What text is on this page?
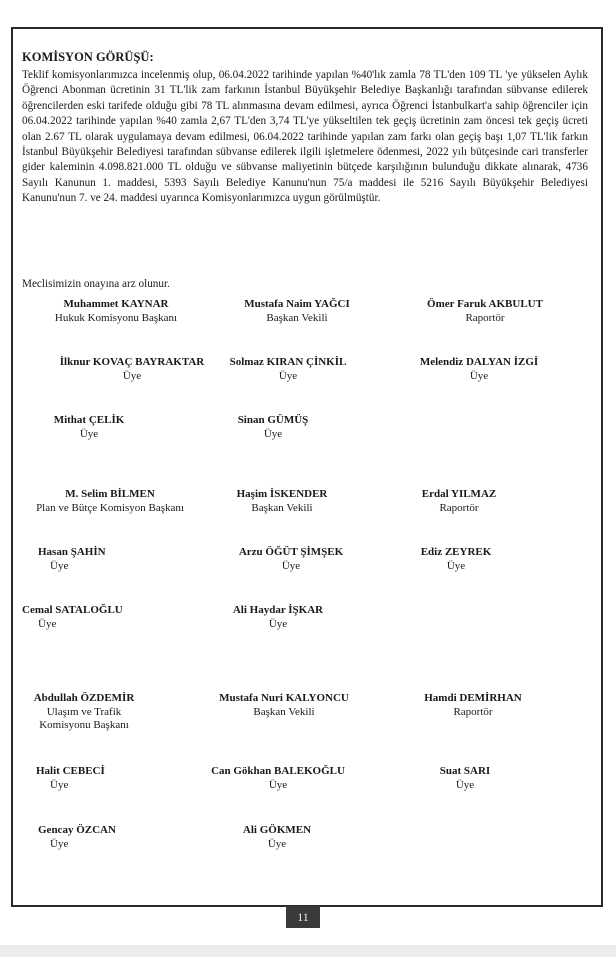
KOMİSYON GÖRÜŞÜ:
Teklif komisyonlarımızca incelenmiş olup, 06.04.2022 tarihinde yapılan %40'lık zamla 78 TL'den 109 TL 'ye yükselen Aylık Öğrenci Abonman ücretinin 31 TL'lik zam farkının İstanbul Büyükşehir Belediye Başkanlığı tarafından sübvanse edilerek öğrencilerden eski tarifede olduğu gibi 78 TL alınmasına devam edilmesi, ayrıca Öğrenci İstanbulkart'a sahip öğrenciler için 06.04.2022 tarihinde yapılan %40 zamla 2,67 TL'den 3,74 TL'ye yükseltilen tek geçiş ücretinin zam öncesi tek geçiş ücreti olan 2.67 TL olarak uygulamaya devam edilmesi, 06.04.2022 tarihinde yapılan zam farkı olan geçiş başı 1,07 TL'lik farkın İstanbul Büyükşehir Belediyesi tarafından sübvanse edilerek ilgili işletmelere ödenmesi, 2022 yılı bütçesinde cari transferler gider kaleminin 4.098.821.000 TL olduğu ve sübvanse maliyetinin bütçede karşılığının bulunduğu dikkate alınarak, 4736 Sayılı Kanunun 1. maddesi, 5393 Sayılı Belediye Kanunu'nun 75/a maddesi ile 5216 Sayılı Büyükşehir Belediyesi Kanunu'nun 7. ve 24. maddesi uyarınca Komisyonlarımızca uygun görülmüştür.
Meclisimizin onayına arz olunur.
Muhammet KAYNAR
Hukuk Komisyonu Başkanı
Mustafa Naim YAĞCI
Başkan Vekili
Ömer Faruk AKBULUT
Raportör
İlknur KOVAÇ BAYRAKTAR
Üye
Solmaz KIRAN ÇİNKİL
Üye
Melendiz DALYAN İZGİ
Üye
Mithat ÇELİK
Üye
Sinan GÜMÜŞ
Üye
M. Selim BİLMEN
Plan ve Bütçe Komisyon Başkanı
Haşim İSKENDER
Başkan Vekili
Erdal YILMAZ
Raportör
Hasan ŞAHİN
Üye
Arzu ÖĞÜT ŞİMŞEK
Üye
Ediz ZEYREK
Üye
Cemal SATALOĞLU
Üye
Ali Haydar İŞKAR
Üye
Abdullah ÖZDEMİR
Ulaşım ve Trafik
Komisyonu Başkanı
Mustafa Nuri KALYONCU
Başkan Vekili
Hamdi DEMİRHAN
Raportör
Halit CEBECİ
Üye
Can Gökhan BALEKOĞLU
Üye
Suat SARI
Üye
Gencay ÖZCAN
Üye
Ali GÖKMEN
Üye
11
